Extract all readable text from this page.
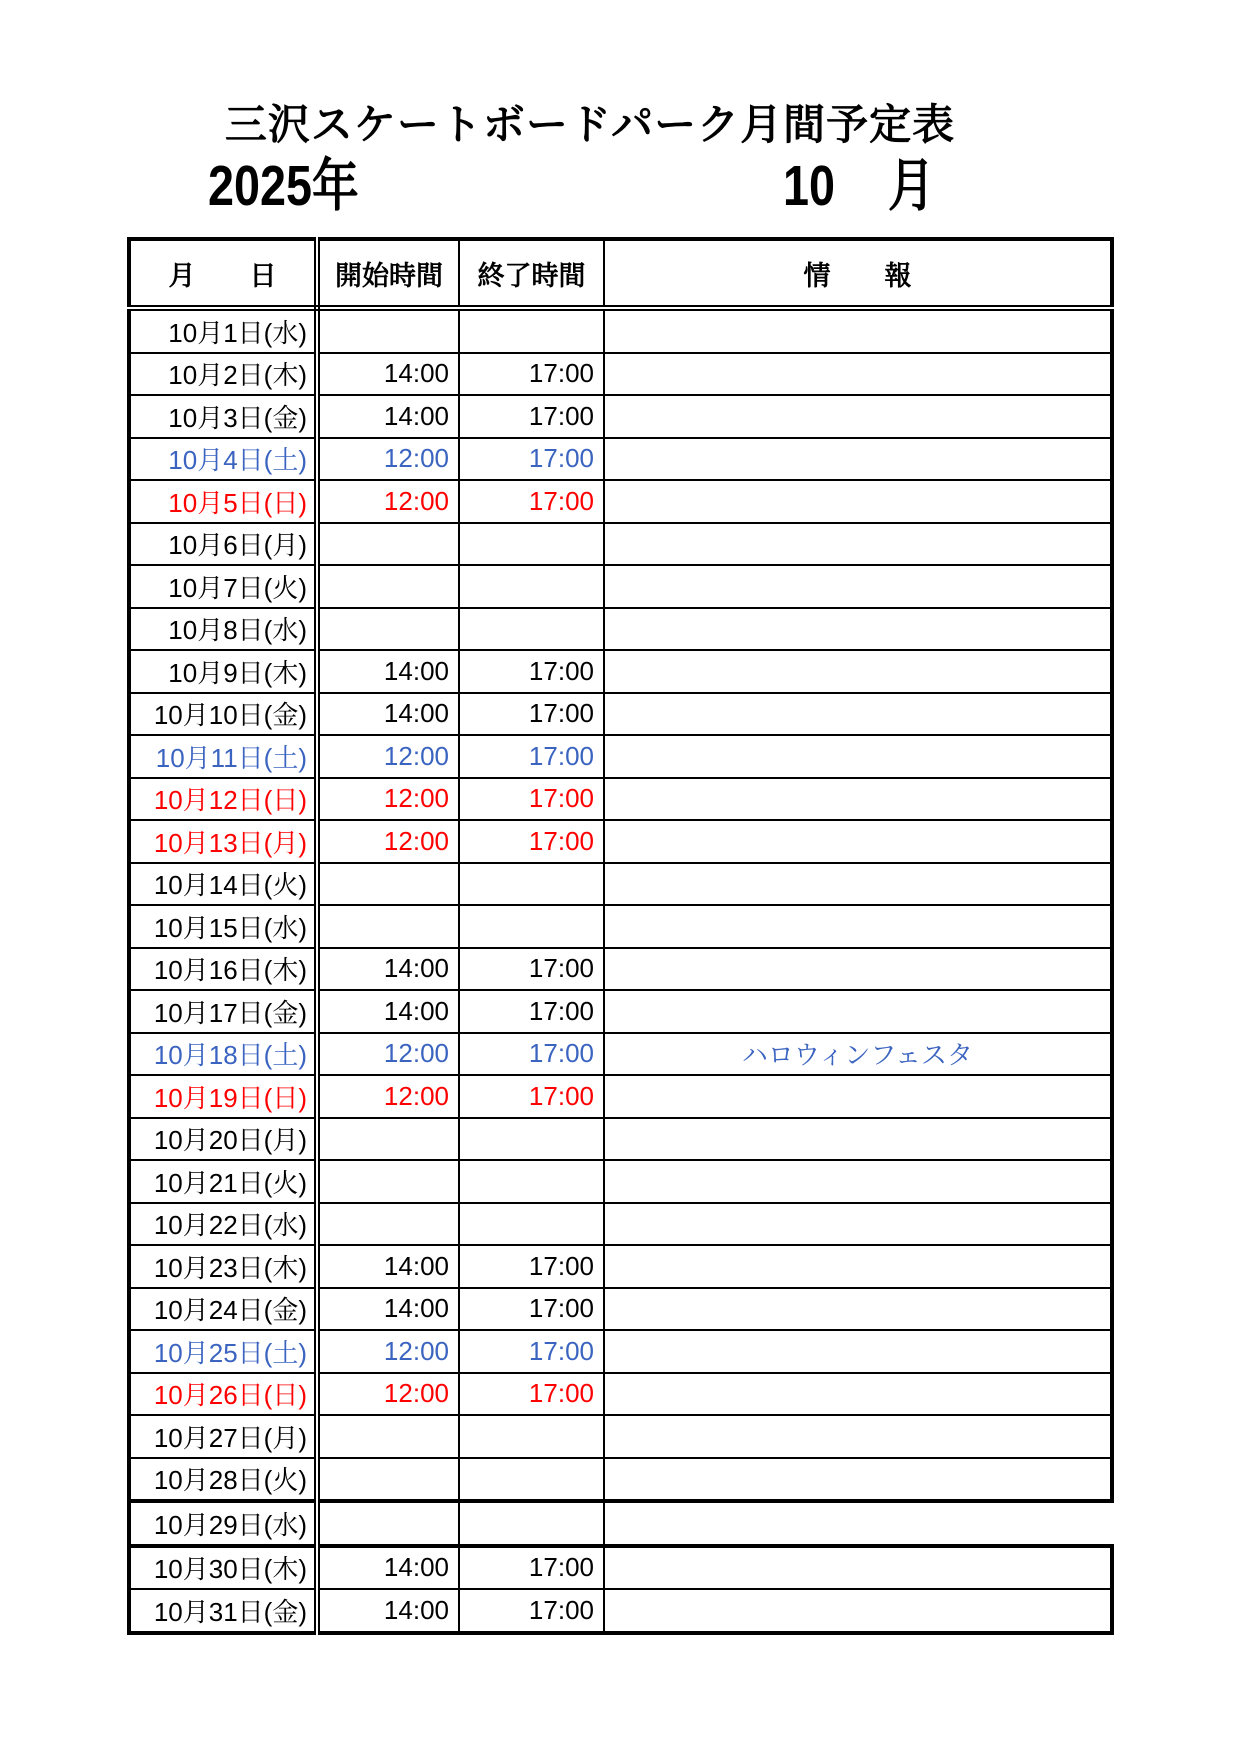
三沢スケートボードパーク月間予定表
2025年	10 月
月　　日	開始時間	終了時間	情　　報
10月1日(水)			
10月2日(木)	14:00	17:00	
10月3日(金)	14:00	17:00	
10月4日(土)	12:00	17:00	
10月5日(日)	12:00	17:00	
10月6日(月)			
10月7日(火)			
10月8日(水)			
10月9日(木)	14:00	17:00	
10月10日(金)	14:00	17:00	
10月11日(土)	12:00	17:00	
10月12日(日)	12:00	17:00	
10月13日(月)	12:00	17:00	
10月14日(火)			
10月15日(水)			
10月16日(木)	14:00	17:00	
10月17日(金)	14:00	17:00	
10月18日(土)	12:00	17:00	ハロウィンフェスタ
10月19日(日)	12:00	17:00	
10月20日(月)			
10月21日(火)			
10月22日(水)			
10月23日(木)	14:00	17:00	
10月24日(金)	14:00	17:00	
10月25日(土)	12:00	17:00	
10月26日(日)	12:00	17:00	
10月27日(月)			
10月28日(火)			
10月29日(水)			
10月30日(木)	14:00	17:00	
10月31日(金)	14:00	17:00	
